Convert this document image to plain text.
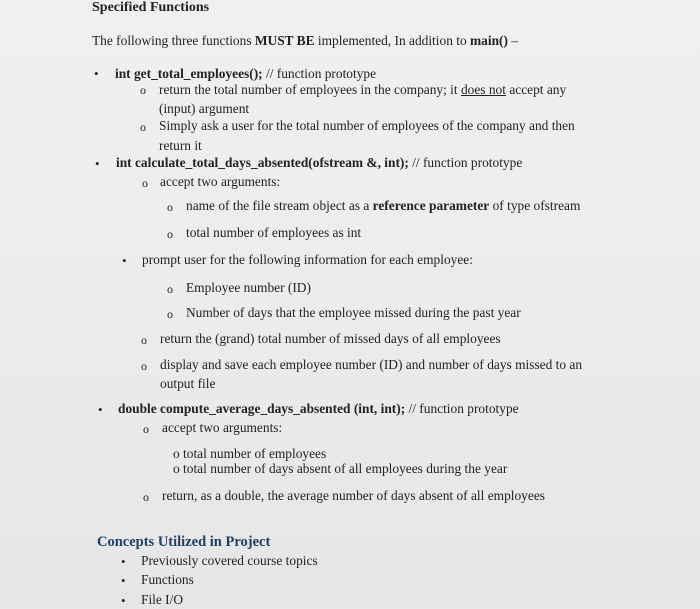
Specified Functions
The following three functions MUST BE implemented, In addition to main() –
• int get_total_employees(); // function prototype
o return the total number of employees in the company; it does not accept any
(input) argument
o Simply ask a user for the total number of employees of the company and then
return it
• int calculate_total_days_absented(ofstream &, int); // function prototype
o accept two arguments:
o name of the file stream object as a reference parameter of type ofstream
o total number of employees as int
• prompt user for the following information for each employee:
o Employee number (ID)
o Number of days that the employee missed during the past year
o return the (grand) total number of missed days of all employees
o display and save each employee number (ID) and number of days missed to an
output file
• double compute_average_days_absented (int, int); // function prototype
o accept two arguments:
o total number of employees
o total number of days absent of all employees during the year
o return, as a double, the average number of days absent of all employees
Concepts Utilized in Project
• Previously covered course topics
• Functions
• File I/O
